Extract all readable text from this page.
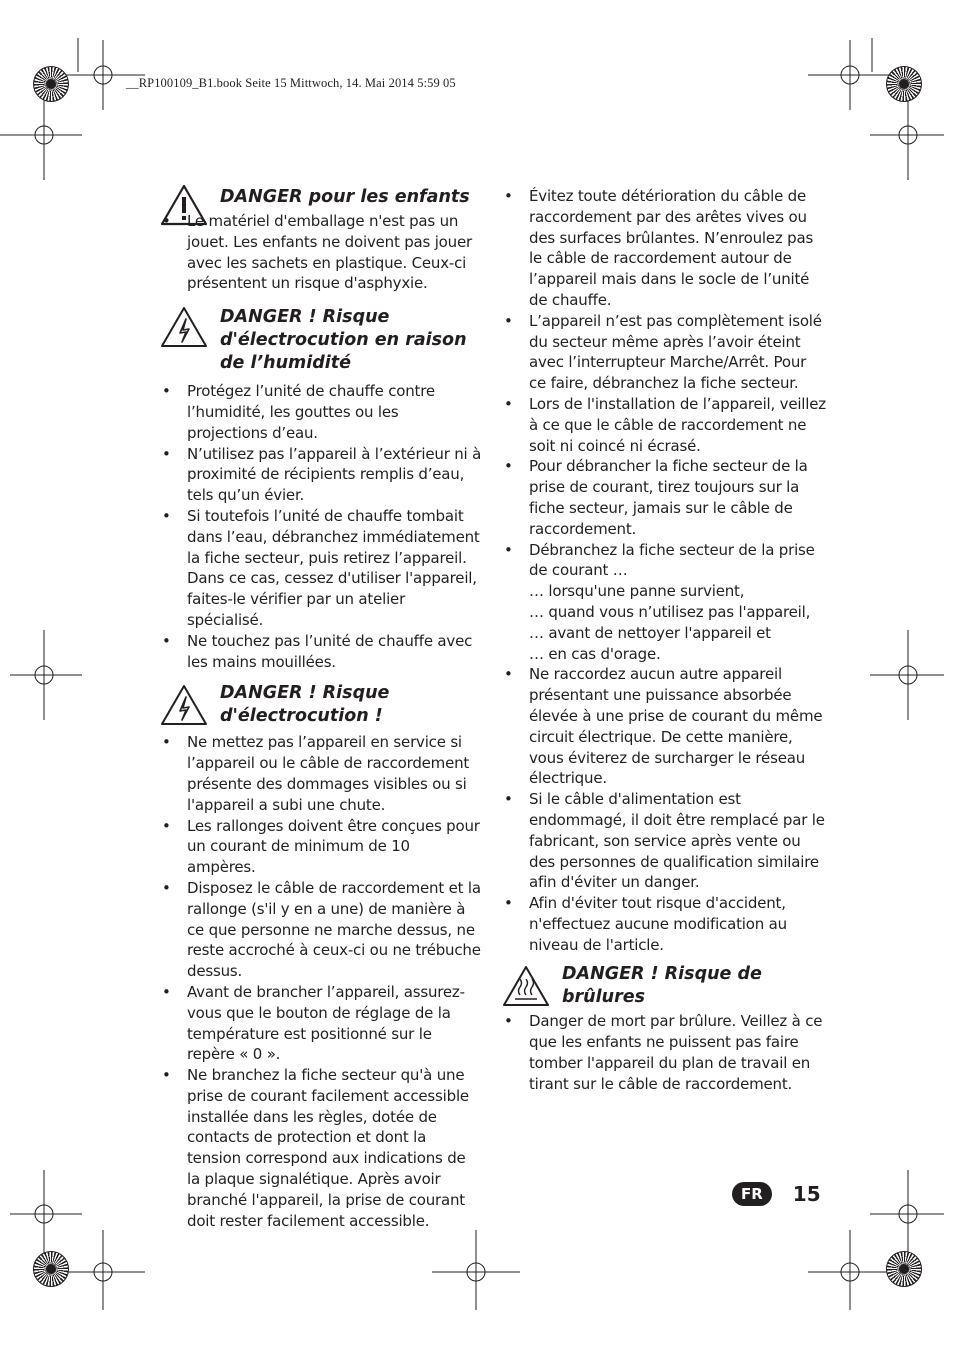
__RP100109_B1.book Seite 15 Mittwoch, 14. Mai 2014 5:59 05
DANGER pour les enfants
• Le matériel d'emballage n'est pas un jouet. Les enfants ne doivent pas jouer avec les sachets en plastique. Ceux-ci présentent un risque d'asphyxie.
DANGER ! Risque d'électrocution en raison de l’humidité
• Protégez l’unité de chauffe contre l’humidité, les gouttes ou les projections d’eau.
• N’utilisez pas l’appareil à l’extérieur ni à proximité de récipients remplis d’eau, tels qu’un évier.
• Si toutefois l’unité de chauffe tombait dans l’eau, débranchez immédiatement la fiche secteur, puis retirez l’appareil. Dans ce cas, cessez d'utiliser l'appareil, faites-le vérifier par un atelier spécialisé.
• Ne touchez pas l’unité de chauffe avec les mains mouillées.
DANGER ! Risque d'électrocution !
• Ne mettez pas l’appareil en service si l’appareil ou le câble de raccordement présente des dommages visibles ou si l'appareil a subi une chute.
• Les rallonges doivent être conçues pour un courant de minimum de 10 ampères.
• Disposez le câble de raccordement et la rallonge (s'il y en a une) de manière à ce que personne ne marche dessus, ne reste accroché à ceux-ci ou ne trébuche dessus.
• Avant de brancher l’appareil, assurez-vous que le bouton de réglage de la température est positionné sur le repère « 0 ».
• Ne branchez la fiche secteur qu'à une prise de courant facilement accessible installée dans les règles, dotée de contacts de protection et dont la tension correspond aux indications de la plaque signalétique. Après avoir branché l'appareil, la prise de courant doit rester facilement accessible.
• Évitez toute détérioration du câble de raccordement par des arêtes vives ou des surfaces brûlantes. N’enroulez pas le câble de raccordement autour de l’appareil mais dans le socle de l’unité de chauffe.
• L’appareil n’est pas complètement isolé du secteur même après l’avoir éteint avec l’interrupteur Marche/Arrêt. Pour ce faire, débranchez la fiche secteur.
• Lors de l'installation de l’appareil, veillez à ce que le câble de raccordement ne soit ni coincé ni écrasé.
• Pour débrancher la fiche secteur de la prise de courant, tirez toujours sur la fiche secteur, jamais sur le câble de raccordement.
• Débranchez la fiche secteur de la prise de courant …
… lorsqu'une panne survient,
… quand vous n’utilisez pas l'appareil,
… avant de nettoyer l'appareil et
… en cas d'orage.
• Ne raccordez aucun autre appareil présentant une puissance absorbée élevée à une prise de courant du même circuit électrique. De cette manière, vous éviterez de surcharger le réseau électrique.
• Si le câble d'alimentation est endommagé, il doit être remplacé par le fabricant, son service après vente ou des personnes de qualification similaire afin d'éviter un danger.
• Afin d'éviter tout risque d'accident, n'effectuez aucune modification au niveau de l'article.
DANGER ! Risque de brûlures
• Danger de mort par brûlure. Veillez à ce que les enfants ne puissent pas faire tomber l'appareil du plan de travail en tirant sur le câble de raccordement.
FR	15
